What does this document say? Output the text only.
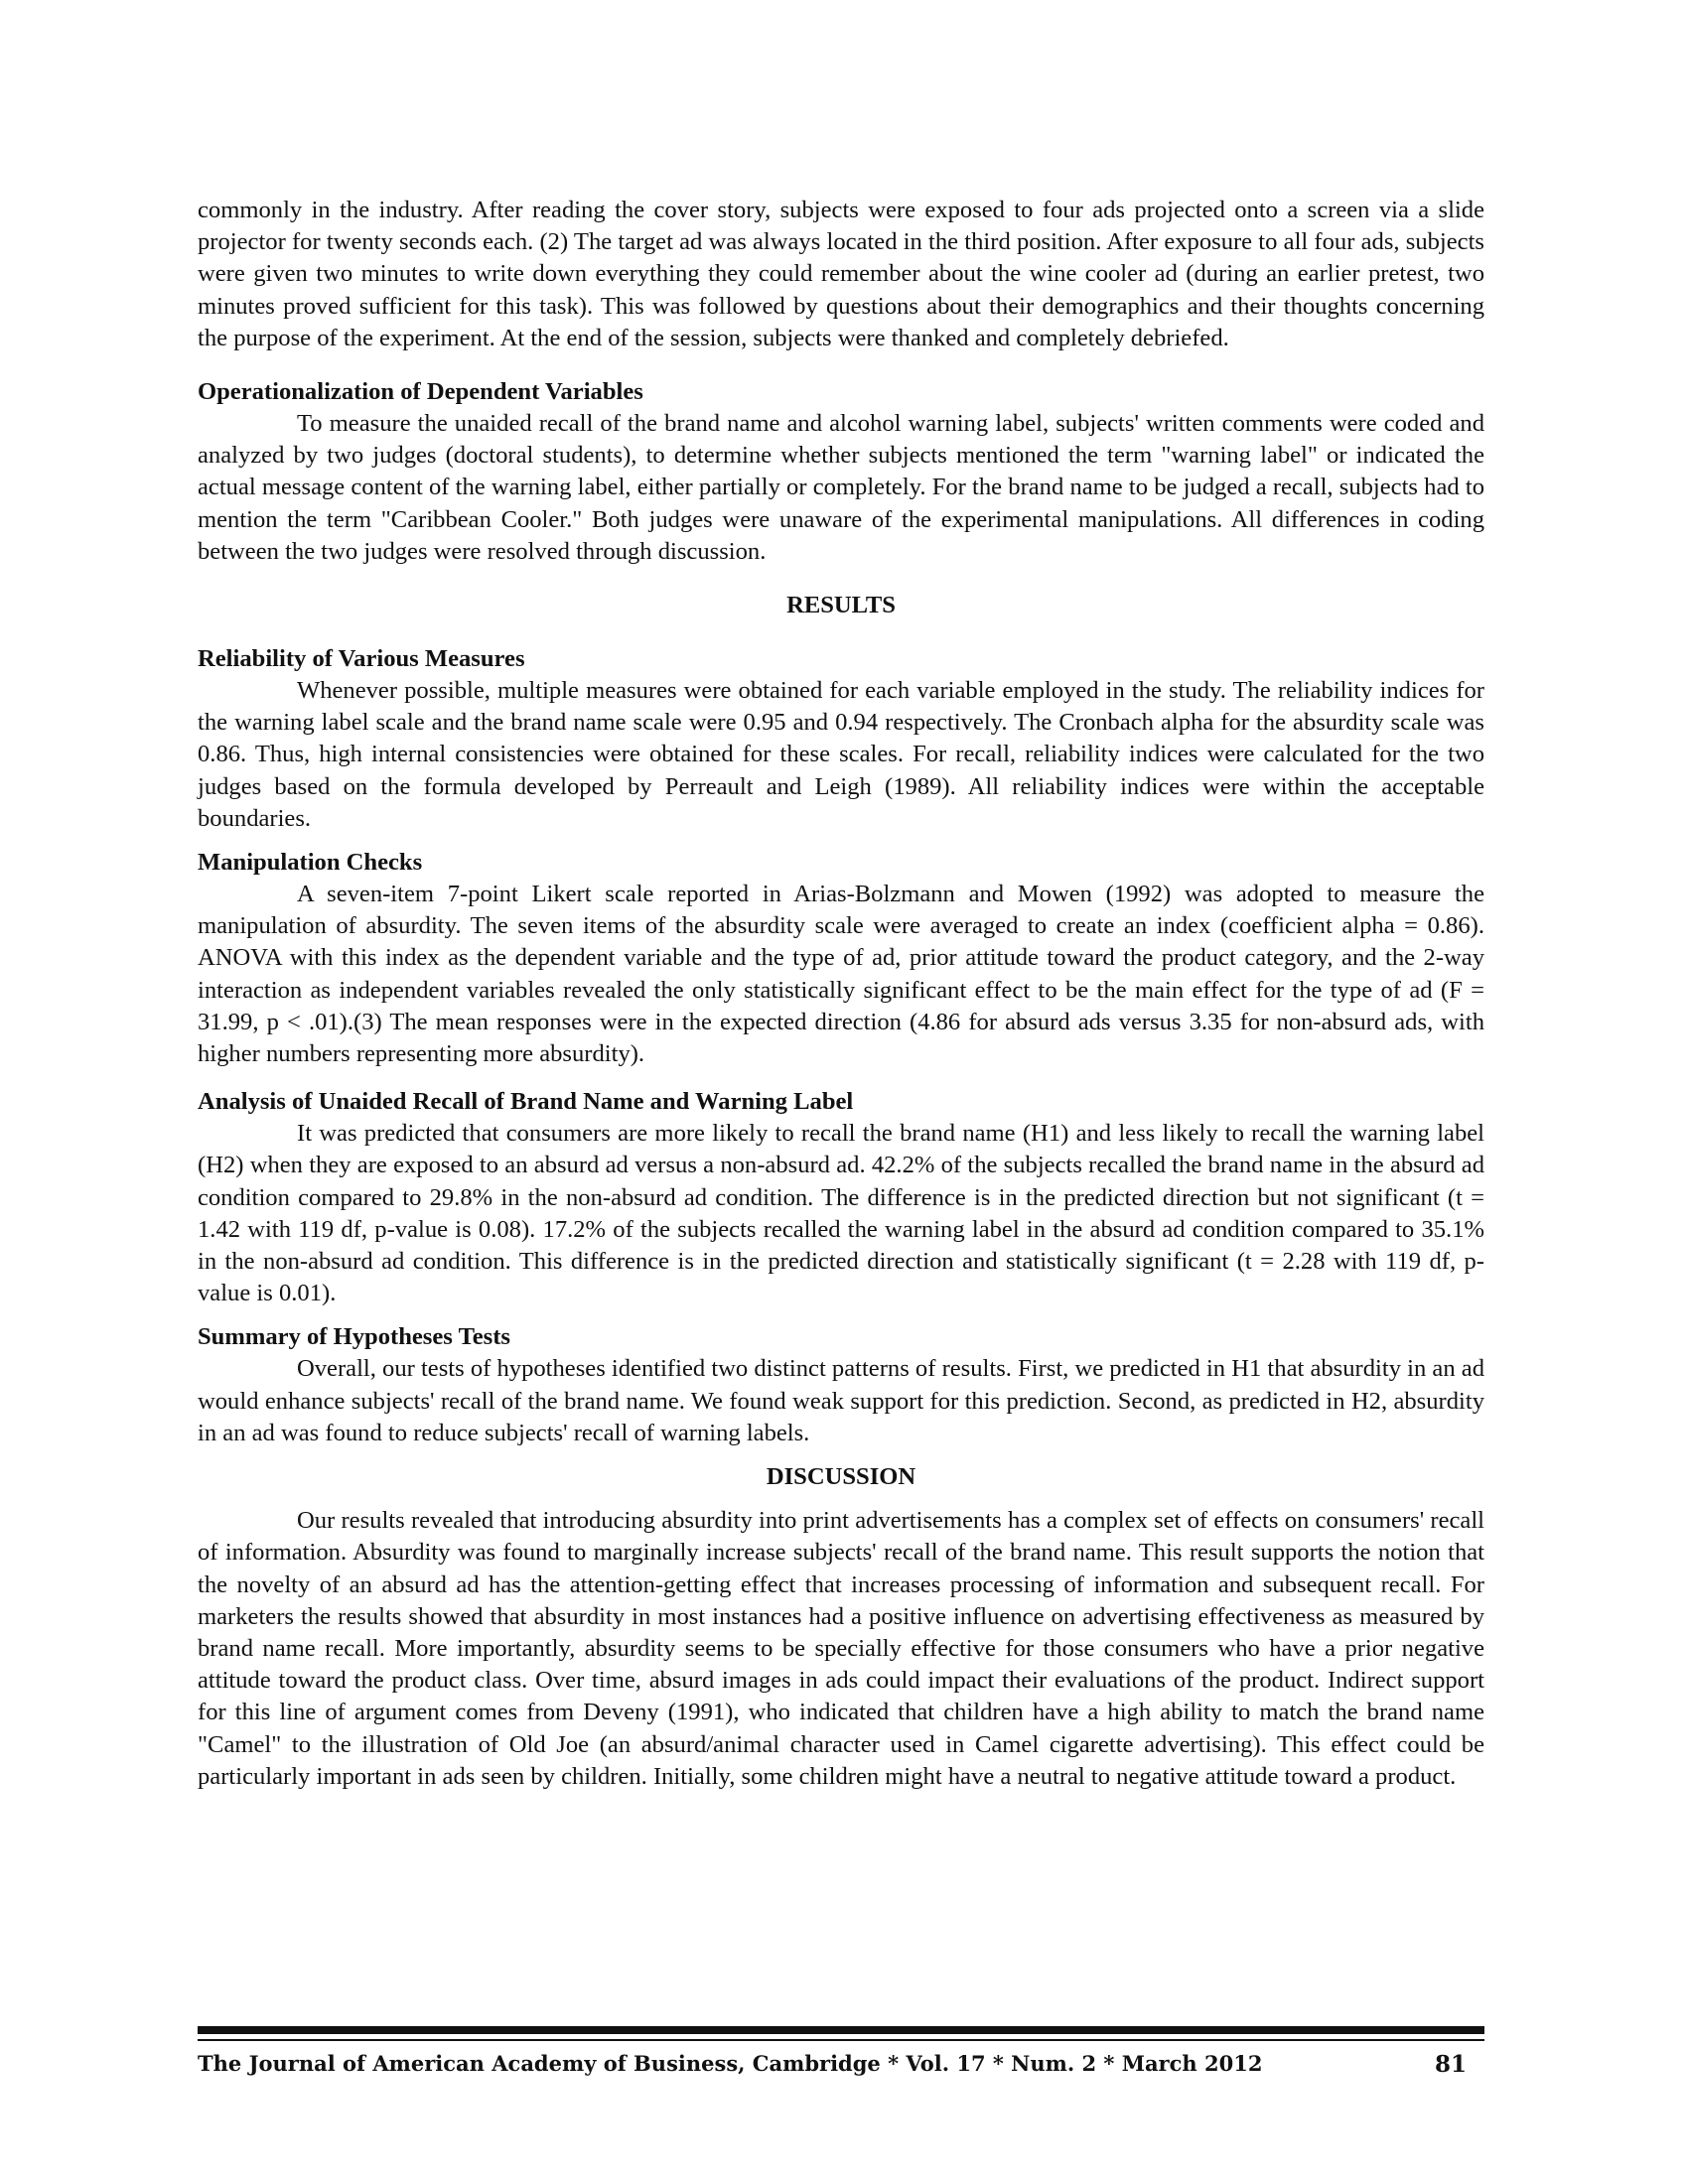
commonly in the industry. After reading the cover story, subjects were exposed to four ads projected onto a screen via a slide projector for twenty seconds each. (2) The target ad was always located in the third position. After exposure to all four ads, subjects were given two minutes to write down everything they could remember about the wine cooler ad (during an earlier pretest, two minutes proved sufficient for this task). This was followed by questions about their demographics and their thoughts concerning the purpose of the experiment. At the end of the session, subjects were thanked and completely debriefed.

Operationalization of Dependent Variables

To measure the unaided recall of the brand name and alcohol warning label, subjects' written comments were coded and analyzed by two judges (doctoral students), to determine whether subjects mentioned the term "warning label" or indicated the actual message content of the warning label, either partially or completely. For the brand name to be judged a recall, subjects had to mention the term "Caribbean Cooler." Both judges were unaware of the experimental manipulations. All differences in coding between the two judges were resolved through discussion.

RESULTS

Reliability of Various Measures

Whenever possible, multiple measures were obtained for each variable employed in the study. The reliability indices for the warning label scale and the brand name scale were 0.95 and 0.94 respectively. The Cronbach alpha for the absurdity scale was 0.86. Thus, high internal consistencies were obtained for these scales. For recall, reliability indices were calculated for the two judges based on the formula developed by Perreault and Leigh (1989). All reliability indices were within the acceptable boundaries.

Manipulation Checks

A seven-item 7-point Likert scale reported in Arias-Bolzmann and Mowen (1992) was adopted to measure the manipulation of absurdity. The seven items of the absurdity scale were averaged to create an index (coefficient alpha = 0.86). ANOVA with this index as the dependent variable and the type of ad, prior attitude toward the product category, and the 2-way interaction as independent variables revealed the only statistically significant effect to be the main effect for the type of ad (F = 31.99, p < .01).(3) The mean responses were in the expected direction (4.86 for absurd ads versus 3.35 for non-absurd ads, with higher numbers representing more absurdity).

Analysis of Unaided Recall of Brand Name and Warning Label

It was predicted that consumers are more likely to recall the brand name (H1) and less likely to recall the warning label (H2) when they are exposed to an absurd ad versus a non-absurd ad. 42.2% of the subjects recalled the brand name in the absurd ad condition compared to 29.8% in the non-absurd ad condition. The difference is in the predicted direction but not significant (t = 1.42 with 119 df, p-value is 0.08). 17.2% of the subjects recalled the warning label in the absurd ad condition compared to 35.1% in the non-absurd ad condition. This difference is in the predicted direction and statistically significant (t = 2.28 with 119 df, p-value is 0.01).

Summary of Hypotheses Tests

Overall, our tests of hypotheses identified two distinct patterns of results. First, we predicted in H1 that absurdity in an ad would enhance subjects' recall of the brand name. We found weak support for this prediction. Second, as predicted in H2, absurdity in an ad was found to reduce subjects' recall of warning labels.

DISCUSSION

Our results revealed that introducing absurdity into print advertisements has a complex set of effects on consumers' recall of information. Absurdity was found to marginally increase subjects' recall of the brand name. This result supports the notion that the novelty of an absurd ad has the attention-getting effect that increases processing of information and subsequent recall. For marketers the results showed that absurdity in most instances had a positive influence on advertising effectiveness as measured by brand name recall. More importantly, absurdity seems to be specially effective for those consumers who have a prior negative attitude toward the product class. Over time, absurd images in ads could impact their evaluations of the product. Indirect support for this line of argument comes from Deveny (1991), who indicated that children have a high ability to match the brand name "Camel" to the illustration of Old Joe (an absurd/animal character used in Camel cigarette advertising). This effect could be particularly important in ads seen by children. Initially, some children might have a neutral to negative attitude toward a product.

The Journal of American Academy of Business, Cambridge * Vol. 17 * Num. 2 * March 2012	81
